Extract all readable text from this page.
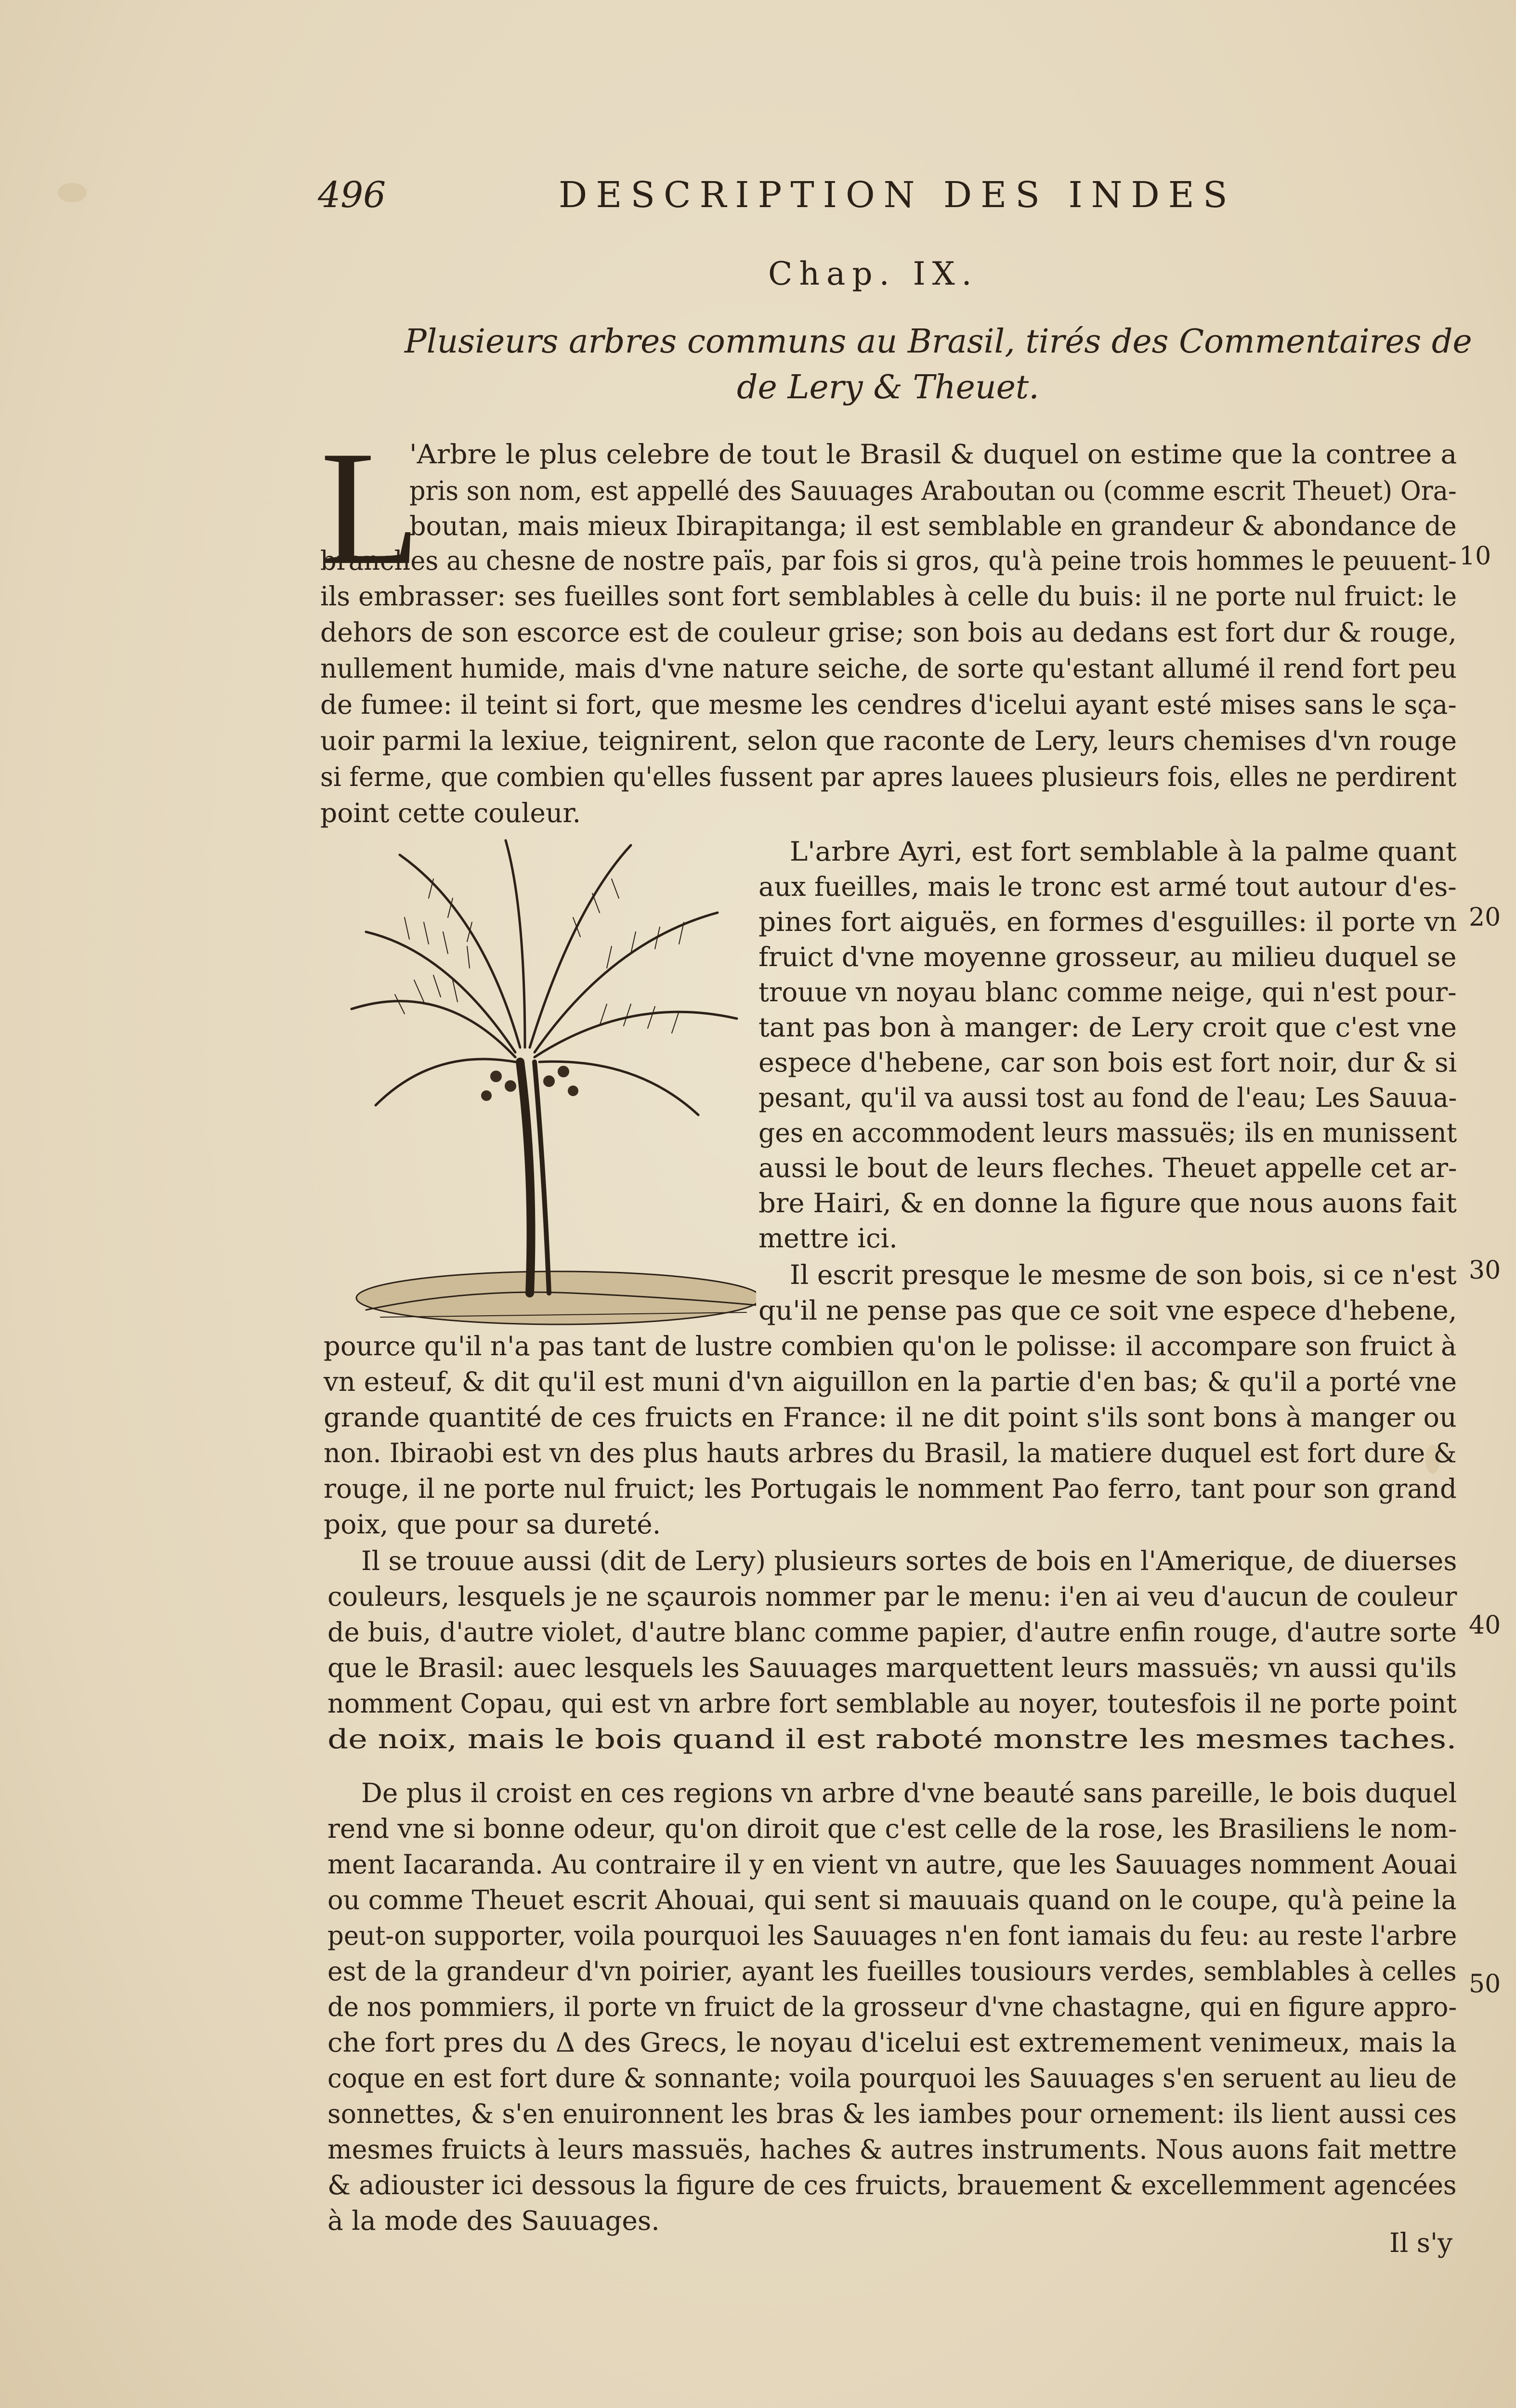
496	DESCRIPTION DES INDES
Chap. IX.
Plusieurs arbres communs au Brasil, tirés des Commentaires de
de Lery & Theuet.
L
'Arbre le plus celebre de tout le Brasil & duquel on estime que la contree a
pris son nom, est appellé des Sauuages Araboutan ou (comme escrit Theuet) Ora-
boutan, mais mieux Ibirapitanga; il est semblable en grandeur & abondance de
branches au chesne de nostre païs, par fois si gros, qu'à peine trois hommes le peuuent-
ils embrasser: ses fueilles sont fort semblables à celle du buis: il ne porte nul fruict: le
dehors de son escorce est de couleur grise; son bois au dedans est fort dur & rouge,
nullement humide, mais d'vne nature seiche, de sorte qu'estant allumé il rend fort peu
de fumee: il teint si fort, que mesme les cendres d'icelui ayant esté mises sans le sça-
uoir parmi la lexiue, teignirent, selon que raconte de Lery, leurs chemises d'vn rouge
si ferme, que combien qu'elles fussent par apres lauees plusieurs fois, elles ne perdirent
point cette couleur.
L'arbre Ayri, est fort semblable à la palme quant
aux fueilles, mais le tronc est armé tout autour d'es-
pines fort aiguës, en formes d'esguilles: il porte vn
fruict d'vne moyenne grosseur, au milieu duquel se
trouue vn noyau blanc comme neige, qui n'est pour-
tant pas bon à manger: de Lery croit que c'est vne
espece d'hebene, car son bois est fort noir, dur & si
pesant, qu'il va aussi tost au fond de l'eau; Les Sauua-
ges en accommodent leurs massuës; ils en munissent
aussi le bout de leurs fleches. Theuet appelle cet ar-
bre Hairi, & en donne la figure que nous auons fait
mettre ici.
Il escrit presque le mesme de son bois, si ce n'est
qu'il ne pense pas que ce soit vne espece d'hebene,
pource qu'il n'a pas tant de lustre combien qu'on le polisse: il accompare son fruict à
vn esteuf, & dit qu'il est muni d'vn aiguillon en la partie d'en bas; & qu'il a porté vne
grande quantité de ces fruicts en France: il ne dit point s'ils sont bons à manger ou
non. Ibiraobi est vn des plus hauts arbres du Brasil, la matiere duquel est fort dure &
rouge, il ne porte nul fruict; les Portugais le nomment Pao ferro, tant pour son grand
poix, que pour sa dureté.
Il se trouue aussi (dit de Lery) plusieurs sortes de bois en l'Amerique, de diuerses
couleurs, lesquels je ne sçaurois nommer par le menu: i'en ai veu d'aucun de couleur
de buis, d'autre violet, d'autre blanc comme papier, d'autre enfin rouge, d'autre sorte
que le Brasil: auec lesquels les Sauuages marquettent leurs massuës; vn aussi qu'ils
nomment Copau, qui est vn arbre fort semblable au noyer, toutesfois il ne porte point
de noix, mais le bois quand il est raboté monstre les mesmes taches.
De plus il croist en ces regions vn arbre d'vne beauté sans pareille, le bois duquel
rend vne si bonne odeur, qu'on diroit que c'est celle de la rose, les Brasiliens le nom-
ment Iacaranda. Au contraire il y en vient vn autre, que les Sauuages nomment Aouai
ou comme Theuet escrit Ahouai, qui sent si mauuais quand on le coupe, qu'à peine la
peut-on supporter, voila pourquoi les Sauuages n'en font iamais du feu: au reste l'arbre
est de la grandeur d'vn poirier, ayant les fueilles tousiours verdes, semblables à celles
de nos pommiers, il porte vn fruict de la grosseur d'vne chastagne, qui en figure appro-
che fort pres du Δ des Grecs, le noyau d'icelui est extremement venimeux, mais la
coque en est fort dure & sonnante; voila pourquoi les Sauuages s'en seruent au lieu de
sonnettes, & s'en enuironnent les bras & les iambes pour ornement: ils lient aussi ces
mesmes fruicts à leurs massuës, haches & autres instruments. Nous auons fait mettre
& adiouster ici dessous la figure de ces fruicts, brauement & excellemment agencées
à la mode des Sauuages.
10
20
30
40
50
Il s'y
